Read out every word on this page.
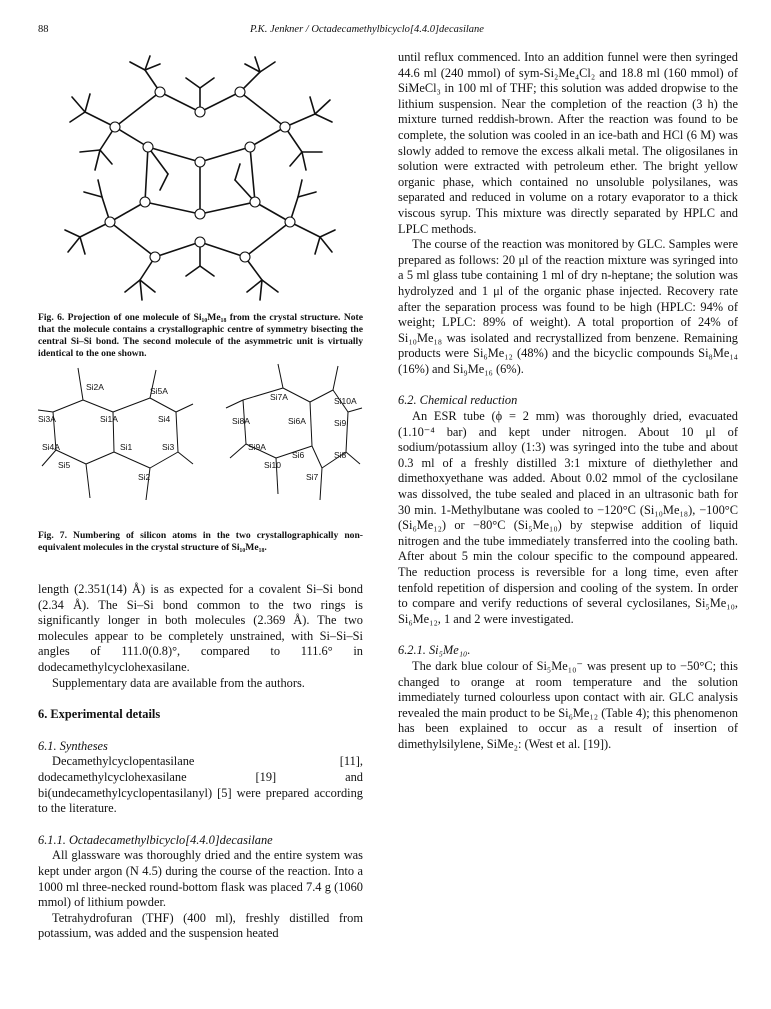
88	P.K. Jenkner / Octadecamethylbicyclo[4.4.0]decasilane
Fig. 6. Projection of one molecule of Si₁₀Me₁₈ from the crystal structure. Note that the molecule contains a crystallographic centre of symmetry bisecting the central Si–Si bond. The second molecule of the asymmetric unit is virtually identical to the one shown.
Si2A	Si5A
Si3A	Si1A	Si4
Si4A	Si1	Si3
Si5
Si2
Si7A	Si10A
Si8A	Si6A	Si9
Si9A
Si6	Si8
Si10
Si7
Fig. 7. Numbering of silicon atoms in the two crystallographically non-equivalent molecules in the crystal structure of Si₁₀Me₁₈.

length (2.351(14) Å) is as expected for a covalent Si–Si bond (2.34 Å). The Si–Si bond common to the two rings is significantly longer in both molecules (2.369 Å). The two molecules appear to be completely unstrained, with Si–Si–Si angles of 111.0(0.8)°, compared to 111.6° in dodecamethylcyclohexasilane.

Supplementary data are available from the authors.

6. Experimental details
6.1. Syntheses

Decamethylcyclopentasilane [11], dodecamethylcyclohexasilane [19] and bi(undecamethylcyclopentasilanyl) [5] were prepared according to the literature.

6.1.1. Octadecamethylbicyclo[4.4.0]decasilane

All glassware was thoroughly dried and the entire system was kept under argon (N 4.5) during the course of the reaction. Into a 1000 ml three-necked round-bottom flask was placed 7.4 g (1060 mmol) of lithium powder.

Tetrahydrofuran (THF) (400 ml), freshly distilled from potassium, was added and the suspension heated

until reflux commenced. Into an addition funnel were then syringed 44.6 ml (240 mmol) of sym-Si₂Me₄Cl₂ and 18.8 ml (160 mmol) of SiMeCl₃ in 100 ml of THF; this solution was added dropwise to the lithium suspension. Near the completion of the reaction (3 h) the mixture turned reddish-brown. After the reaction was found to be complete, the solution was cooled in an ice-bath and HCl (6 M) was slowly added to remove the excess alkali metal. The oligosilanes in solution were extracted with petroleum ether. The bright yellow organic phase, which contained no unsoluble polysilanes, was separated and reduced in volume on a rotary evaporator to a thick viscous syrup. This mixture was directly separated by HPLC and LPLC methods.

The course of the reaction was monitored by GLC. Samples were prepared as follows: 20 μl of the reaction mixture was syringed into a 5 ml glass tube containing 1 ml of dry n-heptane; the solution was hydrolyzed and 1 μl of the organic phase injected. Recovery rate after the separation process was found to be high (HPLC: 94% of weight; LPLC: 89% of weight). A total proportion of 24% of Si₁₀Me₁₈ was isolated and recrystallized from benzene. Remaining products were Si₆Me₁₂ (48%) and the bicyclic compounds Si₈Me₁₄ (16%) and Si₉Me₁₆ (6%).

6.2. Chemical reduction

An ESR tube (ϕ = 2 mm) was thoroughly dried, evacuated (1.10⁻⁴ bar) and kept under nitrogen. About 10 μl of sodium/potassium alloy (1:3) was syringed into the tube and about 0.3 ml of a freshly distilled 3:1 mixture of diethylether and dimethoxyethane was added. About 0.02 mmol of the cyclosilane was dissolved, the tube sealed and placed in an ultrasonic bath for 30 min. 1-Methylbutane was cooled to −120°C (Si₁₀Me₁₈), −100°C (Si₆Me₁₂) or −80°C (Si₅Me₁₀) by stepwise addition of liquid nitrogen and the tube immediately transferred into the cooling bath. After about 5 min the colour specific to the compound appeared. The reduction process is reversible for a long time, even after tenfold repetition of dispersion and cooling of the system. In order to compare and verify reductions of several cyclosilanes, Si₅Me₁₀, Si₆Me₁₂, 1 and 2 were investigated.

6.2.1. Si₅Me₁₀.

The dark blue colour of Si₅Me₁₀⁻ was present up to −50°C; this changed to orange at room temperature and the solution immediately turned colourless upon contact with air. GLC analysis revealed the main product to be Si₆Me₁₂ (Table 4); this phenomenon has been explained to occur as a result of insertion of dimethylsilylene, SiMe₂: (West et al. [19]).
